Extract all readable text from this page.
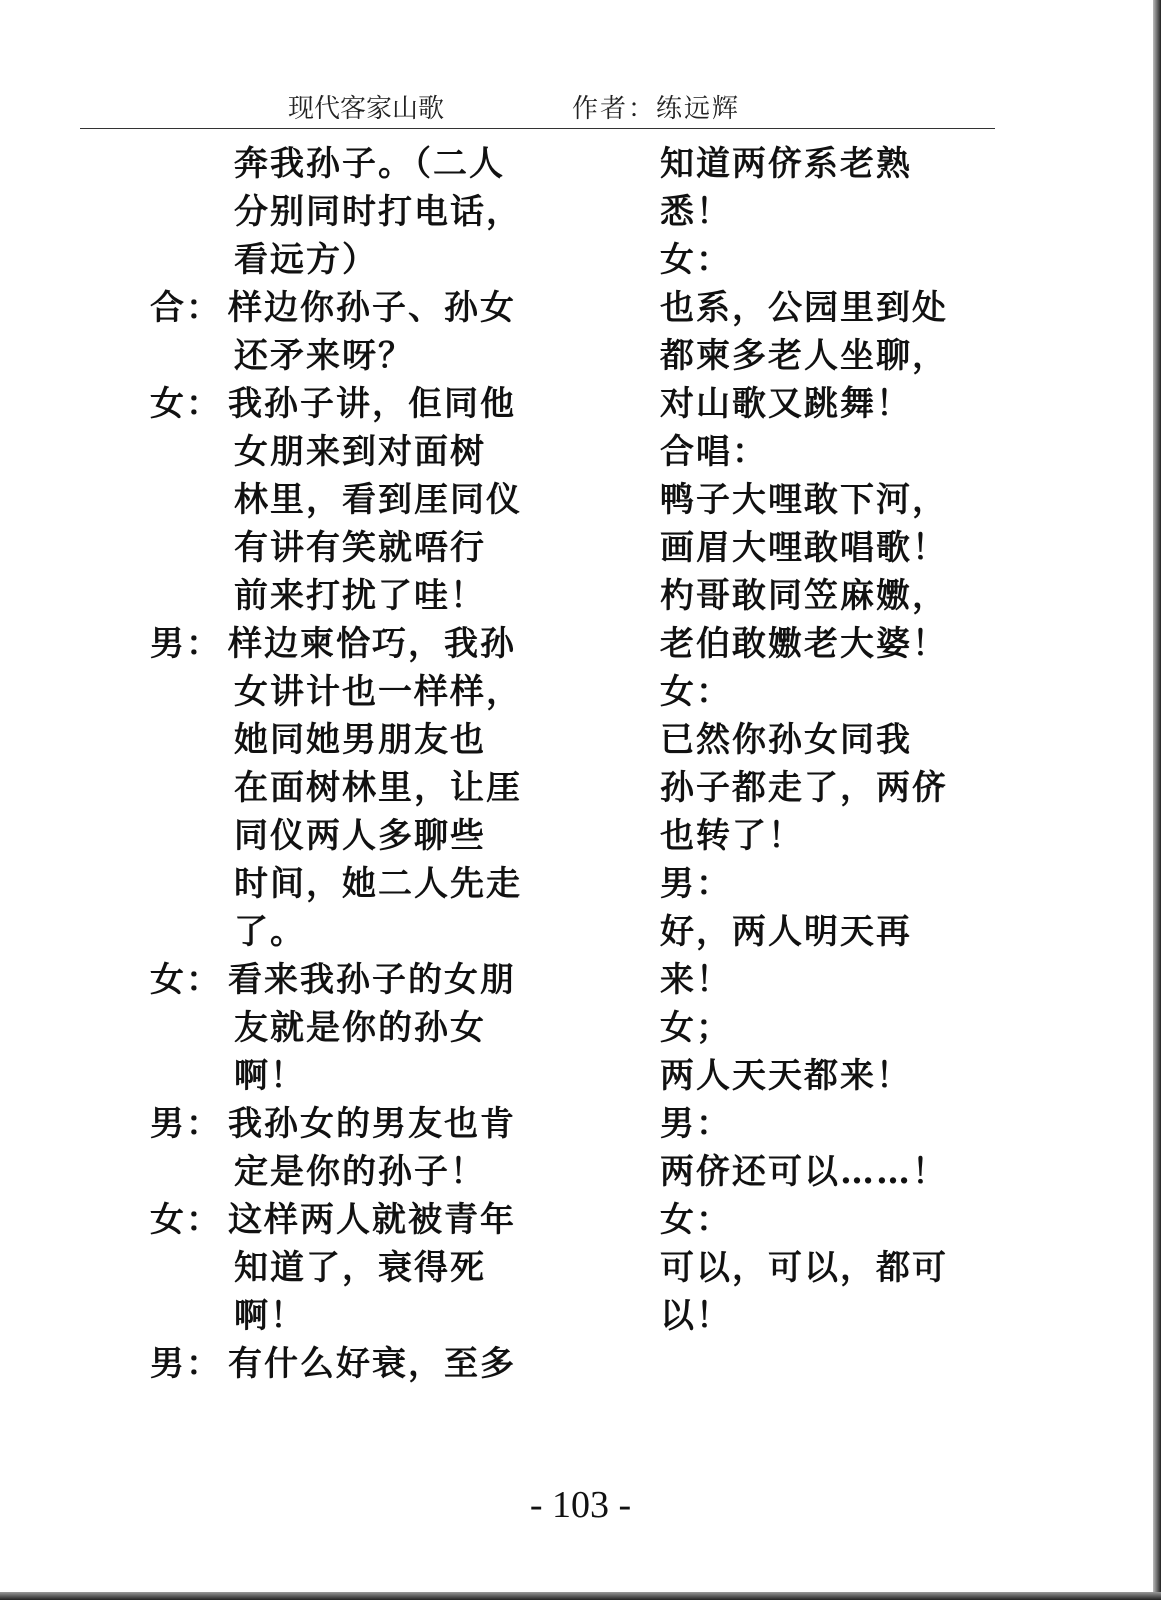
现代客家山歌	作者：练远辉
奔我孙子。（二人
分别同时打电话，
看远方）
合： 样边你孙子、孙女
还矛来呀？
女： 我孙子讲，佢同他
女朋来到对面树
林里，看到厓同仪
有讲有笑就唔行
前来打扰了哇！
男： 样边柬恰巧，我孙
女讲计也一样样，
她同她男朋友也
在面树林里，让厓
同仪两人多聊些
时间，她二人先走
了。
女： 看来我孙子的女朋
友就是你的孙女
啊！
男： 我孙女的男友也肯
定是你的孙子！
女： 这样两人就被青年
知道了，衰得死
啊！
男： 有什么好衰，至多
知道两侪系老熟
悉！
女：
也系，公园里到处
都柬多老人坐聊，
对山歌又跳舞！
合唱：
鸭子大哩敢下河，
画眉大哩敢唱歌！
杓哥敢同笠麻嫐，
老伯敢嫐老大婆！
女：
已然你孙女同我
孙子都走了，两侪
也转了！
男：
好，两人明天再
来！
女；
两人天天都来！
男：
两侪还可以……！
女：
可以，可以，都可
以！
- 103 -
